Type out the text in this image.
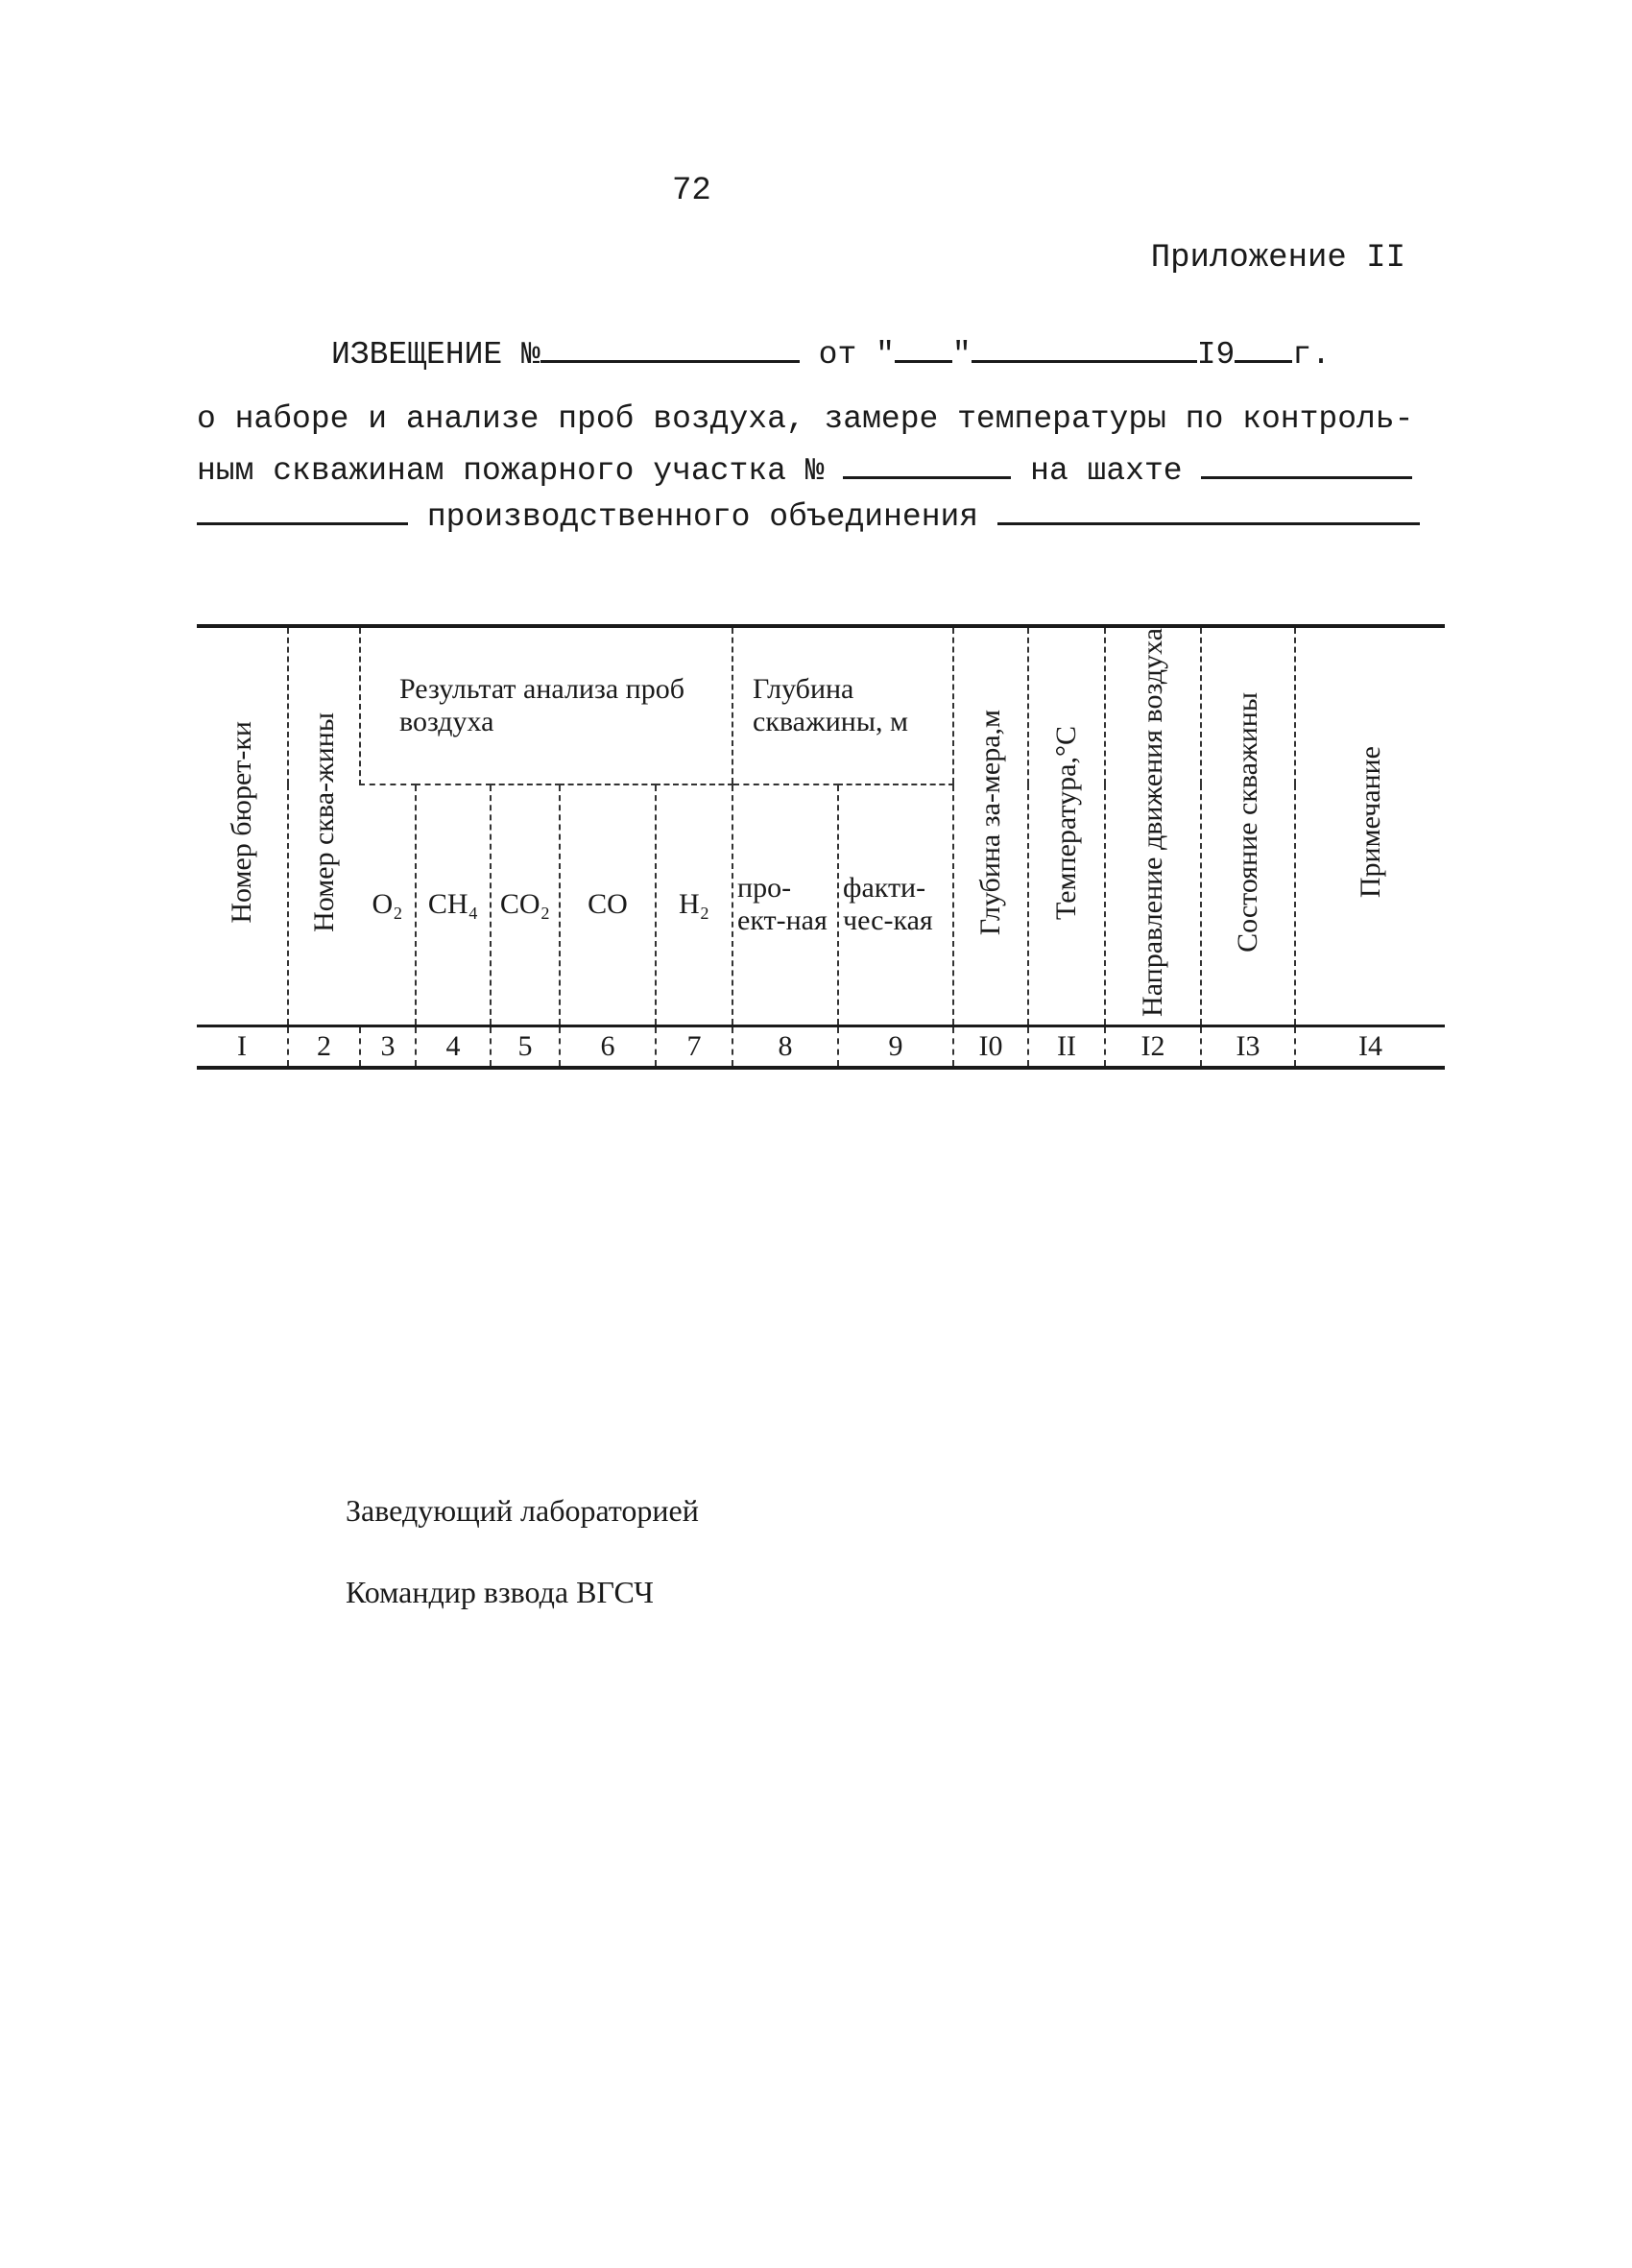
72
Приложение II
ИЗВЕЩЕНИЕ №	от " "	I9 г.
о наборе и анализе проб воздуха, замере температуры по контроль-
ным скважинам пожарного участка №	на шахте
производственного объединения
Номер бюрет-ки	Номер сква-жины	Результат анализа проб воздуха					Глубина скважины, м		Глубина за-мера,м	Температура,°С	Направление движения воздуха	Состояние скважины	Примечание
		O₂	CH₄	CO₂	CO	H₂	про-ект-ная	факти-чес-кая					
I	2	3	4	5	6	7	8	9	I0	II	I2	I3	I4
Заведующий лабораторией
Командир взвода ВГСЧ
